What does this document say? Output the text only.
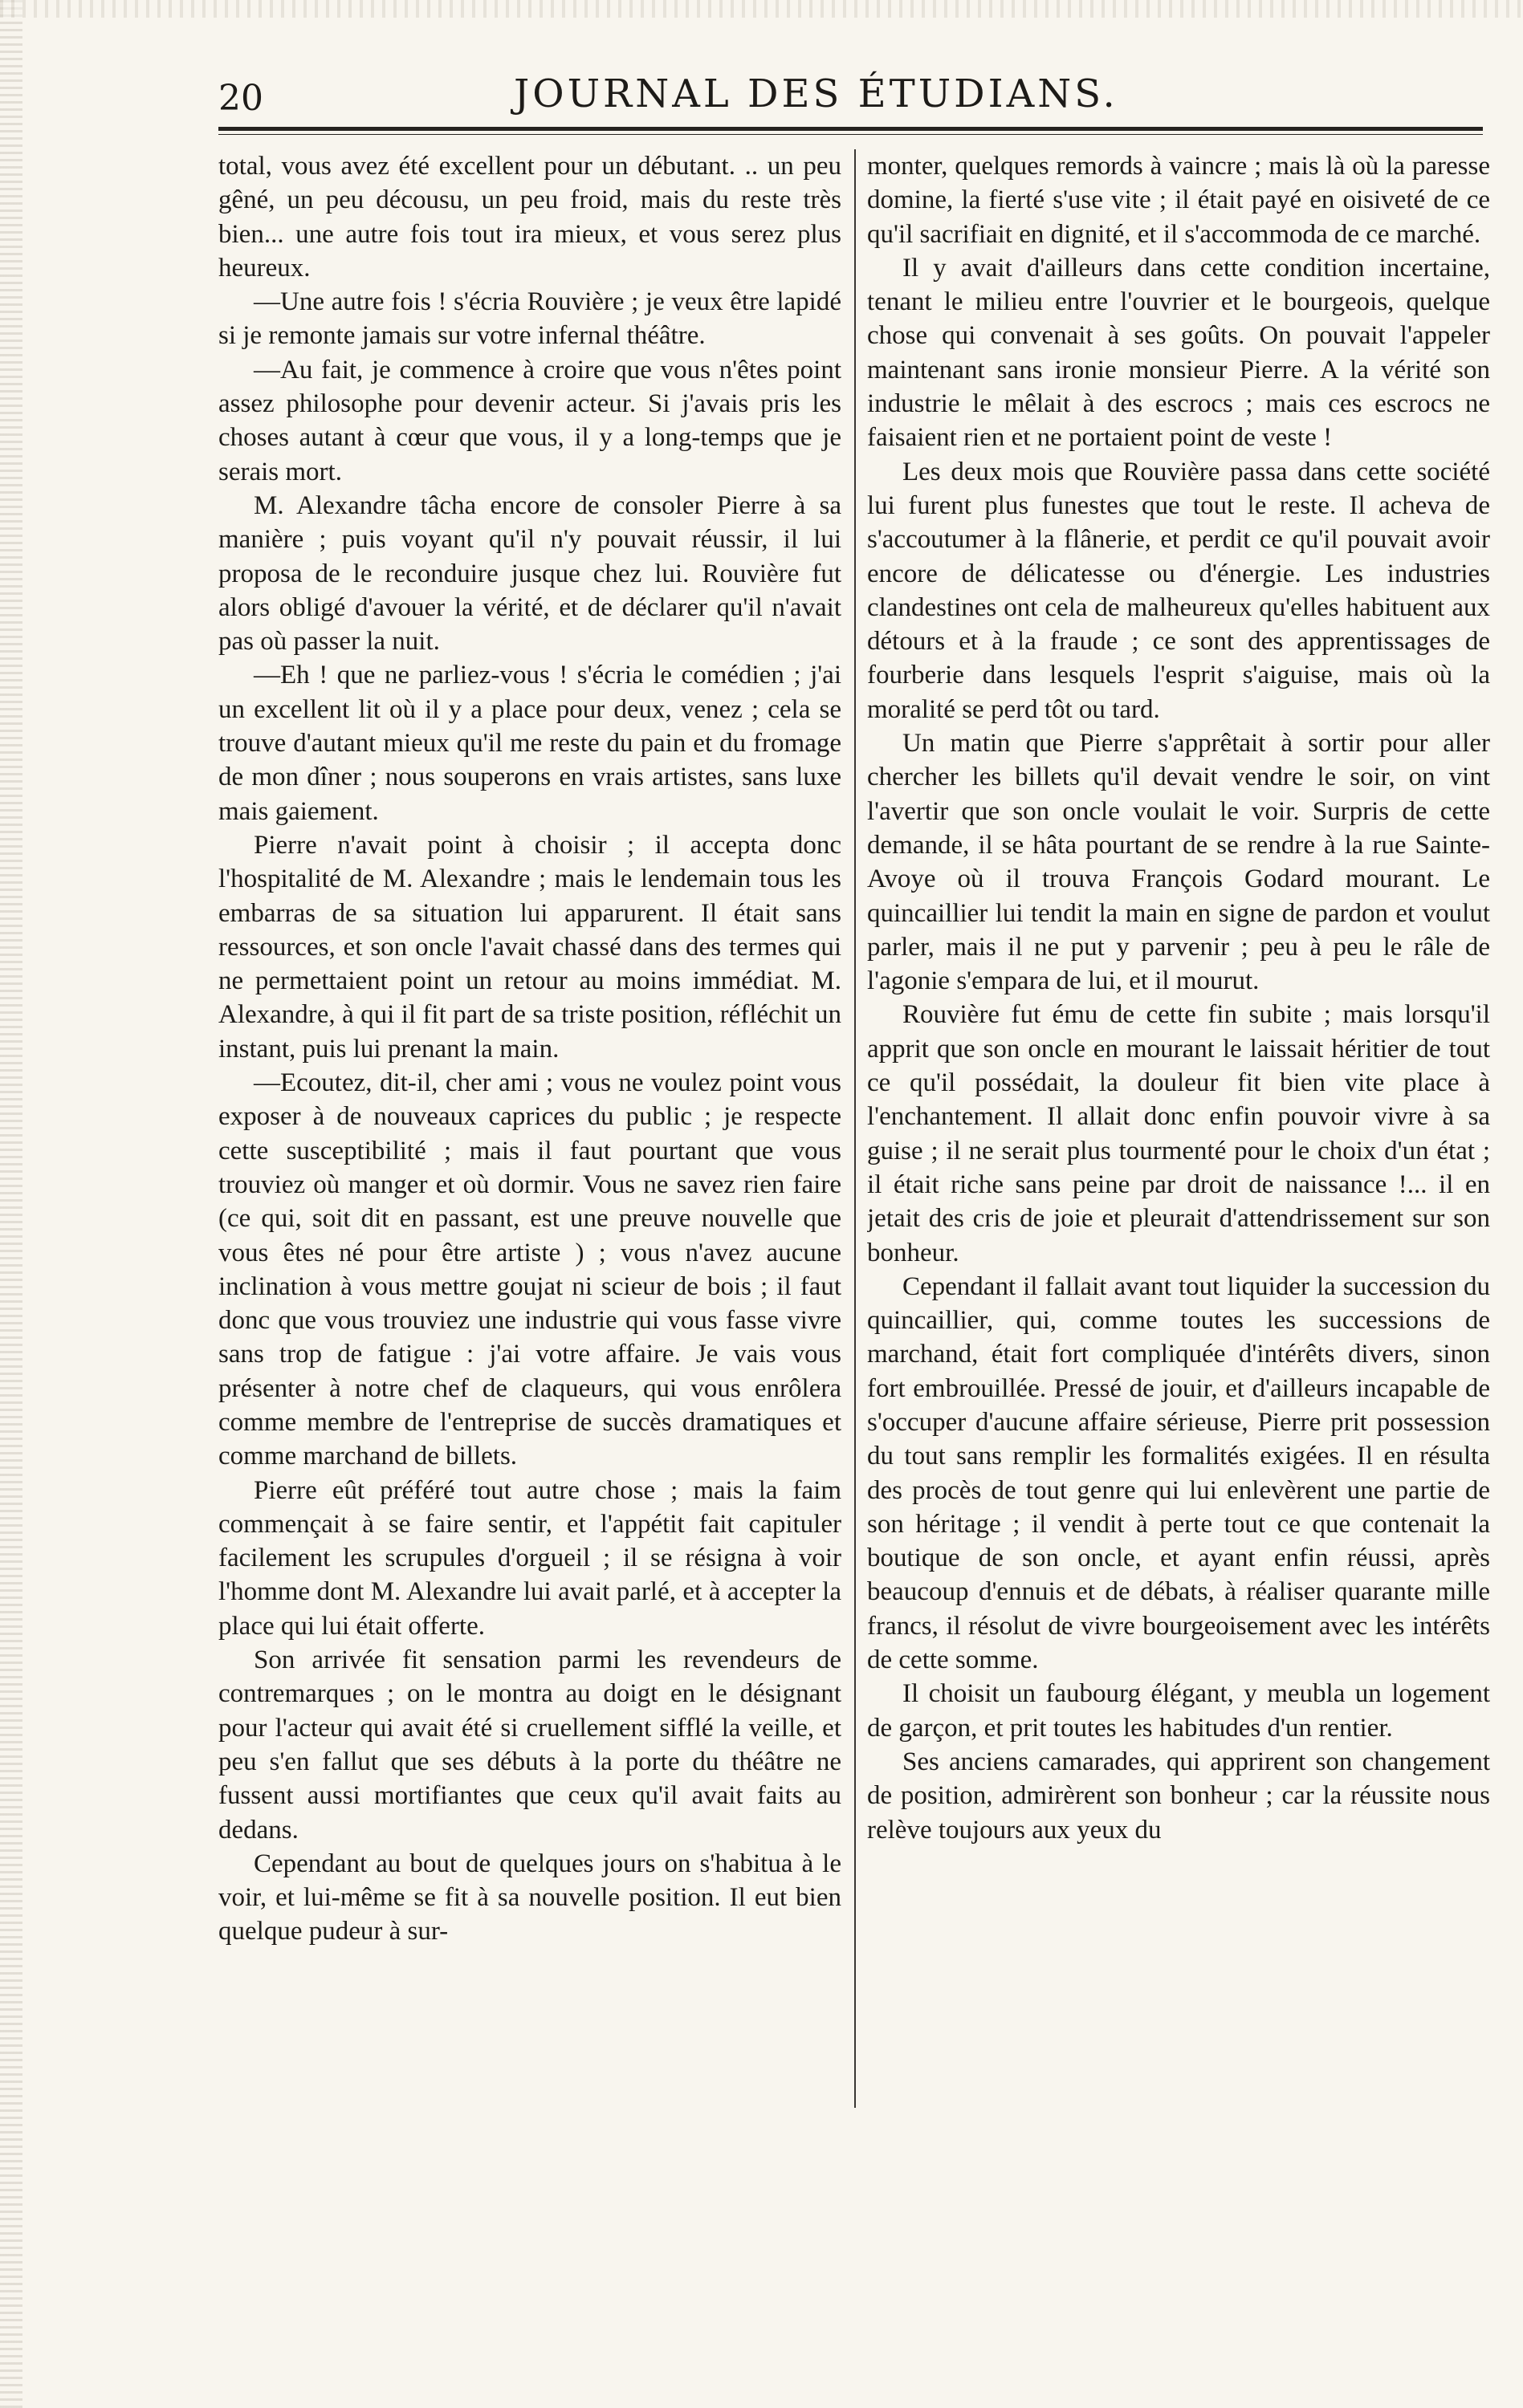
20	JOURNAL DES ÉTUDIANS.

total, vous avez été excellent pour un débutant. .. un peu gêné, un peu décousu, un peu froid, mais du reste très bien... une autre fois tout ira mieux, et vous serez plus heureux.

—Une autre fois ! s'écria Rouvière ; je veux être lapidé si je remonte jamais sur votre infernal théâtre.

—Au fait, je commence à croire que vous n'êtes point assez philosophe pour devenir acteur. Si j'avais pris les choses autant à cœur que vous, il y a long-temps que je serais mort.

M. Alexandre tâcha encore de consoler Pierre à sa manière ; puis voyant qu'il n'y pouvait réussir, il lui proposa de le reconduire jusque chez lui. Rouvière fut alors obligé d'avouer la vérité, et de déclarer qu'il n'avait pas où passer la nuit.

—Eh ! que ne parliez-vous ! s'écria le comédien ; j'ai un excellent lit où il y a place pour deux, venez ; cela se trouve d'autant mieux qu'il me reste du pain et du fromage de mon dîner ; nous souperons en vrais artistes, sans luxe mais gaiement.

Pierre n'avait point à choisir ; il accepta donc l'hospitalité de M. Alexandre ; mais le lendemain tous les embarras de sa situation lui apparurent. Il était sans ressources, et son oncle l'avait chassé dans des termes qui ne permettaient point un retour au moins immédiat. M. Alexandre, à qui il fit part de sa triste position, réfléchit un instant, puis lui prenant la main.

—Ecoutez, dit-il, cher ami ; vous ne voulez point vous exposer à de nouveaux caprices du public ; je respecte cette susceptibilité ; mais il faut pourtant que vous trouviez où manger et où dormir. Vous ne savez rien faire (ce qui, soit dit en passant, est une preuve nouvelle que vous êtes né pour être artiste ) ; vous n'avez aucune inclination à vous mettre goujat ni scieur de bois ; il faut donc que vous trouviez une industrie qui vous fasse vivre sans trop de fatigue : j'ai votre affaire. Je vais vous présenter à notre chef de claqueurs, qui vous enrôlera comme membre de l'entreprise de succès dramatiques et comme marchand de billets.

Pierre eût préféré tout autre chose ; mais la faim commençait à se faire sentir, et l'appétit fait capituler facilement les scrupules d'orgueil ; il se résigna à voir l'homme dont M. Alexandre lui avait parlé, et à accepter la place qui lui était offerte.

Son arrivée fit sensation parmi les revendeurs de contremarques ; on le montra au doigt en le désignant pour l'acteur qui avait été si cruellement sifflé la veille, et peu s'en fallut que ses débuts à la porte du théâtre ne fussent aussi mortifiantes que ceux qu'il avait faits au dedans.

Cependant au bout de quelques jours on s'habitua à le voir, et lui-même se fit à sa nouvelle position. Il eut bien quelque pudeur à sur-

monter, quelques remords à vaincre ; mais là où la paresse domine, la fierté s'use vite ; il était payé en oisiveté de ce qu'il sacrifiait en dignité, et il s'accommoda de ce marché.

Il y avait d'ailleurs dans cette condition incertaine, tenant le milieu entre l'ouvrier et le bourgeois, quelque chose qui convenait à ses goûts. On pouvait l'appeler maintenant sans ironie monsieur Pierre. A la vérité son industrie le mêlait à des escrocs ; mais ces escrocs ne faisaient rien et ne portaient point de veste !

Les deux mois que Rouvière passa dans cette société lui furent plus funestes que tout le reste. Il acheva de s'accoutumer à la flânerie, et perdit ce qu'il pouvait avoir encore de délicatesse ou d'énergie. Les industries clandestines ont cela de malheureux qu'elles habituent aux détours et à la fraude ; ce sont des apprentissages de fourberie dans lesquels l'esprit s'aiguise, mais où la moralité se perd tôt ou tard.

Un matin que Pierre s'apprêtait à sortir pour aller chercher les billets qu'il devait vendre le soir, on vint l'avertir que son oncle voulait le voir. Surpris de cette demande, il se hâta pourtant de se rendre à la rue Sainte-Avoye où il trouva François Godard mourant. Le quincaillier lui tendit la main en signe de pardon et voulut parler, mais il ne put y parvenir ; peu à peu le râle de l'agonie s'empara de lui, et il mourut.

Rouvière fut ému de cette fin subite ; mais lorsqu'il apprit que son oncle en mourant le laissait héritier de tout ce qu'il possédait, la douleur fit bien vite place à l'enchantement. Il allait donc enfin pouvoir vivre à sa guise ; il ne serait plus tourmenté pour le choix d'un état ; il était riche sans peine par droit de naissance !... il en jetait des cris de joie et pleurait d'attendrissement sur son bonheur.

Cependant il fallait avant tout liquider la succession du quincaillier, qui, comme toutes les successions de marchand, était fort compliquée d'intérêts divers, sinon fort embrouillée. Pressé de jouir, et d'ailleurs incapable de s'occuper d'aucune affaire sérieuse, Pierre prit possession du tout sans remplir les formalités exigées. Il en résulta des procès de tout genre qui lui enlevèrent une partie de son héritage ; il vendit à perte tout ce que contenait la boutique de son oncle, et ayant enfin réussi, après beaucoup d'ennuis et de débats, à réaliser quarante mille francs, il résolut de vivre bourgeoisement avec les intérêts de cette somme.

Il choisit un faubourg élégant, y meubla un logement de garçon, et prit toutes les habitudes d'un rentier.

Ses anciens camarades, qui apprirent son changement de position, admirèrent son bonheur ; car la réussite nous relève toujours aux yeux du
